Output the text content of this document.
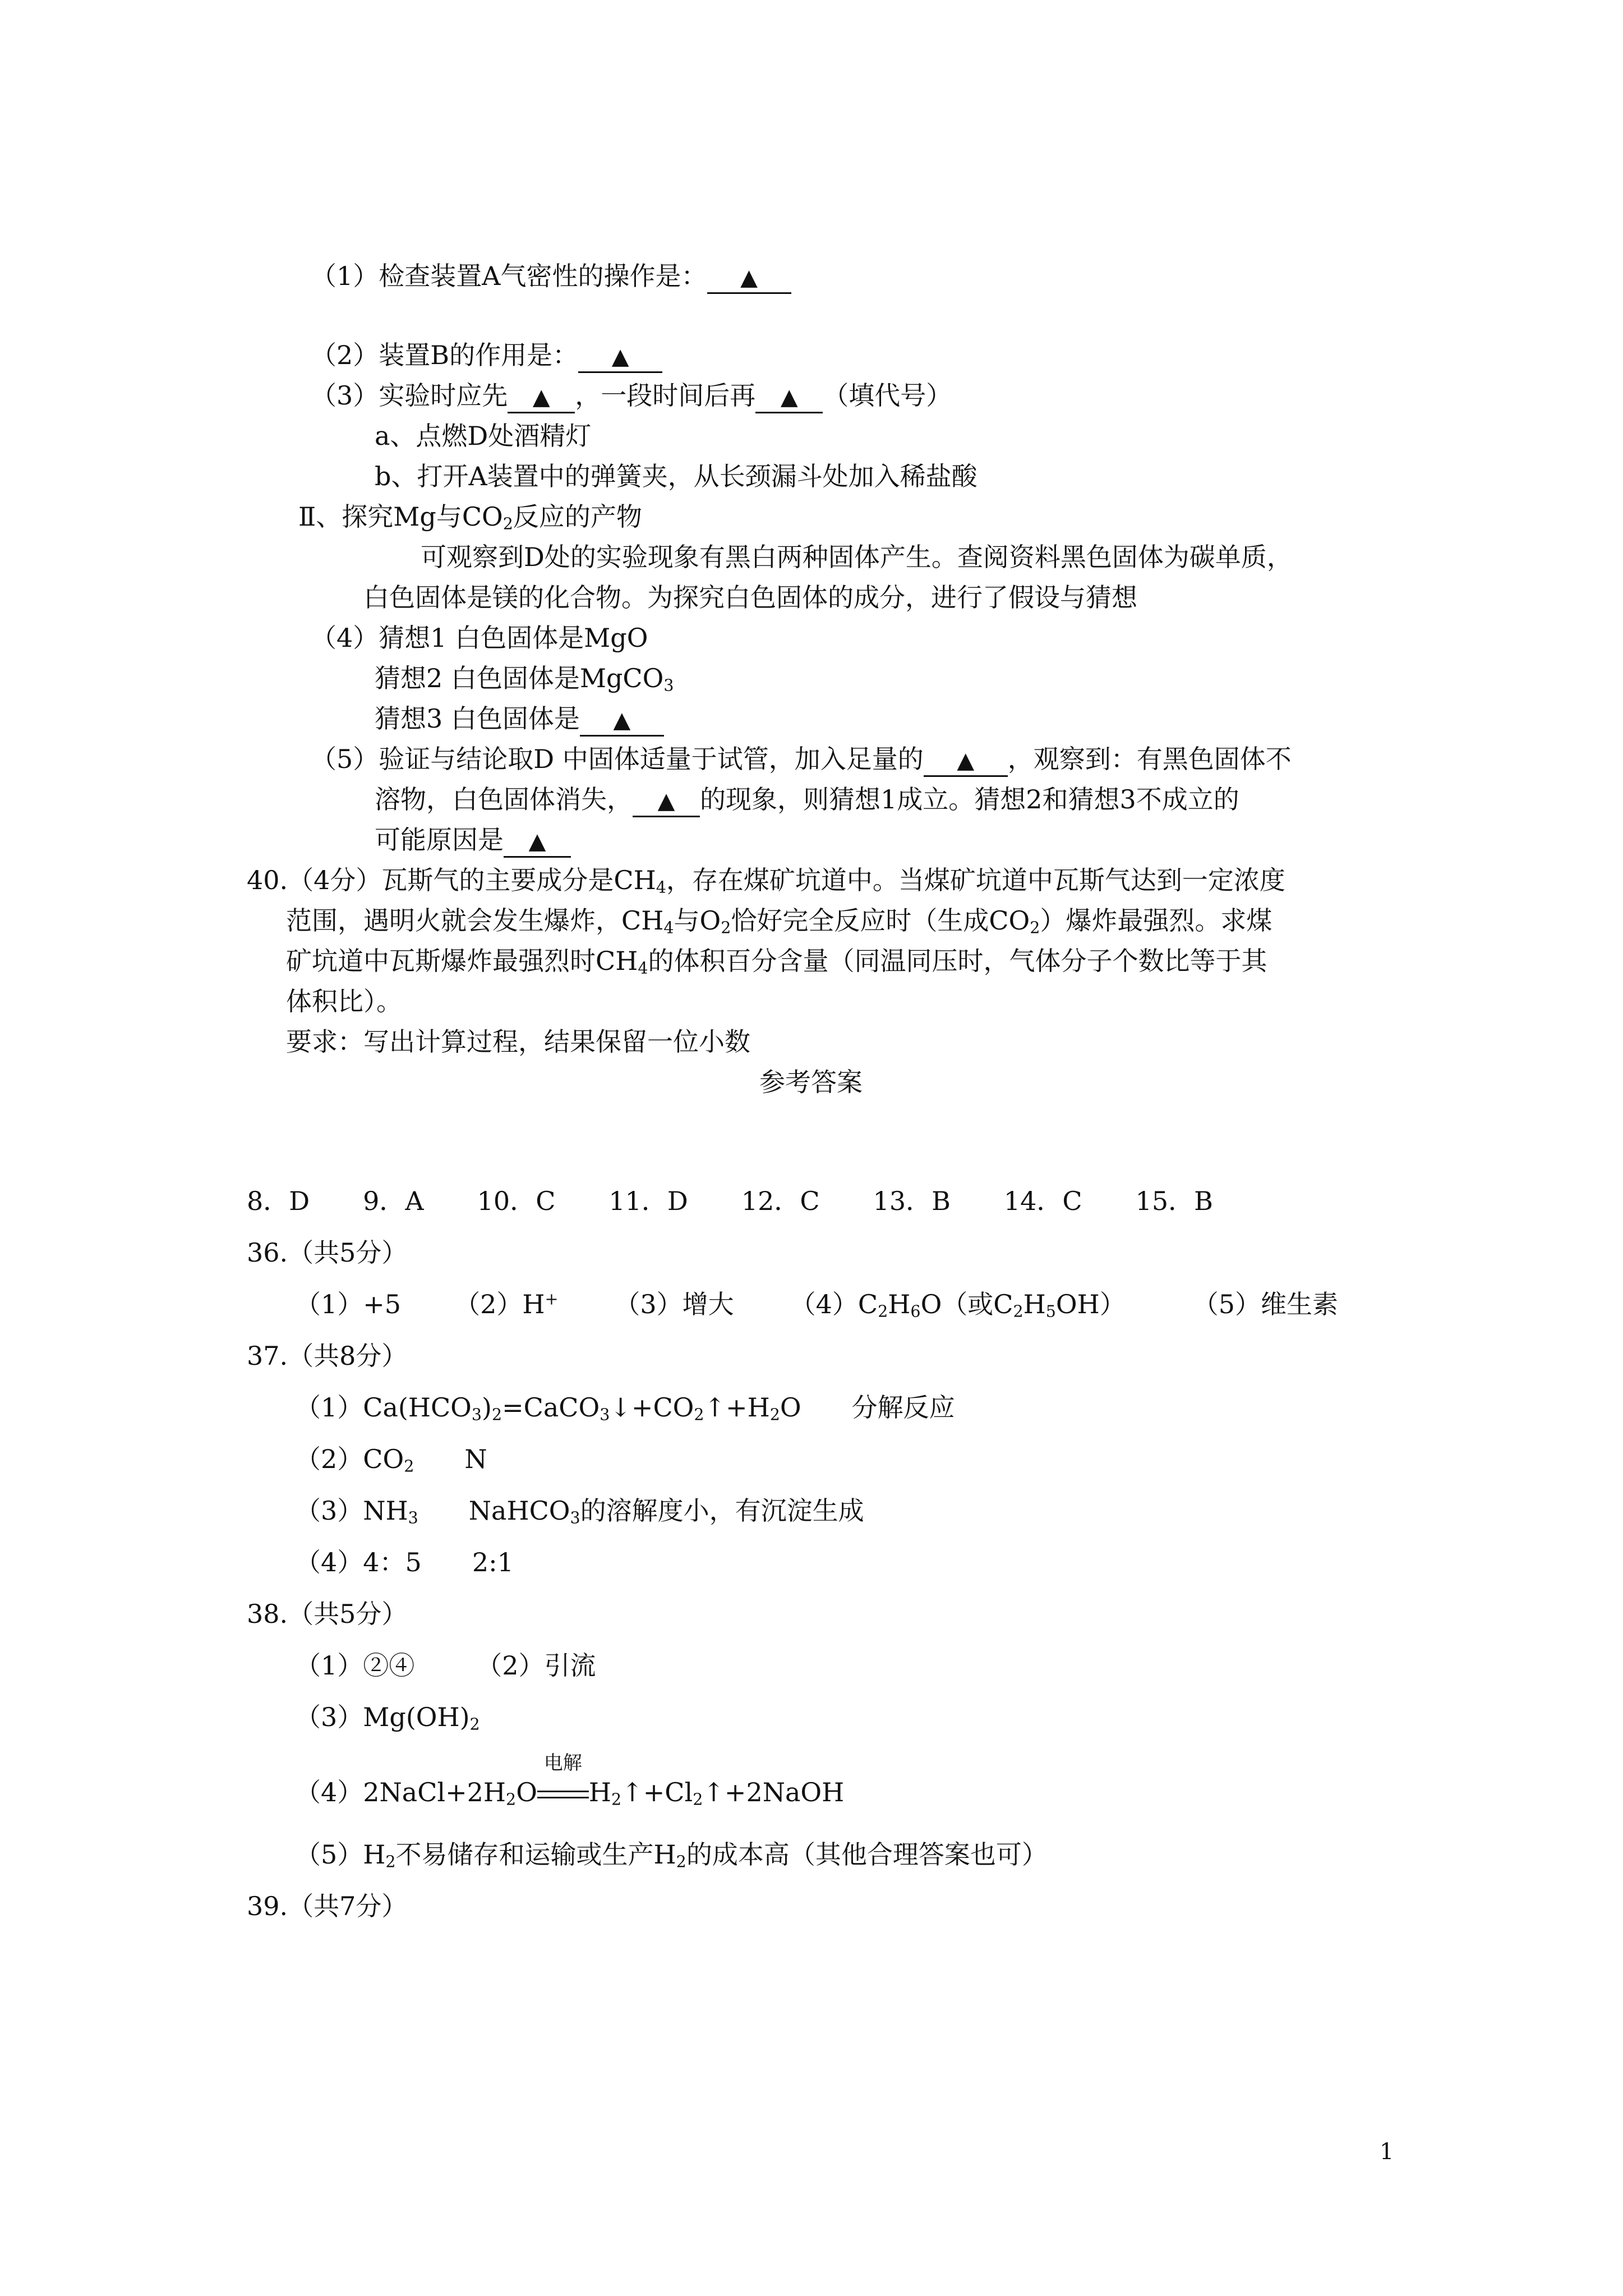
（1）检查装置A气密性的操作是：▲
（2）装置B的作用是：▲
（3）实验时应先 ▲	，一段时间后再 ▲	（填代号）
a、点燃D处酒精灯
b、打开A装置中的弹簧夹，从长颈漏斗处加入稀盐酸
Ⅱ、探究Mg与$CO_2$反应的产物
可观察到D处的实验现象有黑白两种固体产生。查阅资料黑色固体为碳单质，
白色固体是镁的化合物。为探究白色固体的成分，进行了假设与猜想
（4）猜想1 白色固体是MgO
猜想2 白色固体是MgCO$_3$
猜想3 白色固体是▲
（5）验证与结论取D 中固体适量于试管，加入足量的 ▲	，观察到：有黑色固体不
溶物，白色固体消失， ▲	的现象，则猜想1成立。猜想2和猜想3不成立的
可能原因是▲
40.（4分）瓦斯气的主要成分是$CH_4$，存在煤矿坑道中。当煤矿坑道中瓦斯气达到一定浓度
范围，遇明火就会发生爆炸，$CH_4$与$O_2$恰好完全反应时（生成$CO_2$）爆炸最强烈。求煤
矿坑道中瓦斯爆炸最强烈时$CH_4$的体积百分含量（同温同压时，气体分子个数比等于其
体积比）。
要求：写出计算过程，结果保留一位小数
参考答案
8．D 9．A 10．C 11．D 12．C 13．B 14．C 15．B
36.（共5分）
（1）+5 （2）H+ （3）增大 $(4)C_2H_6O$（或$C_2H_5OH$）	（5）维生素
37.（共8分）
$(1)Ca(HCO_3)_2=CaCO_3↓+CO_2↑+H_2O$ 分解反应
$(2)CO_2$ N
$(3)NH_3$ NaHCO$_3$的溶解度小，有沉淀生成
（4）4：5 2:1
38.（共5分）
（1）②④ （2）引流
$(3)Mg(OH)_2$
$(4)2NaCl+2H_2O$
电解
$H_2↑+Cl_2↑+2NaOH$
$(5)H_2$不易储存和运输或生产$H_2$的成本高（其他合理答案也可）
39.（共7分）
1
